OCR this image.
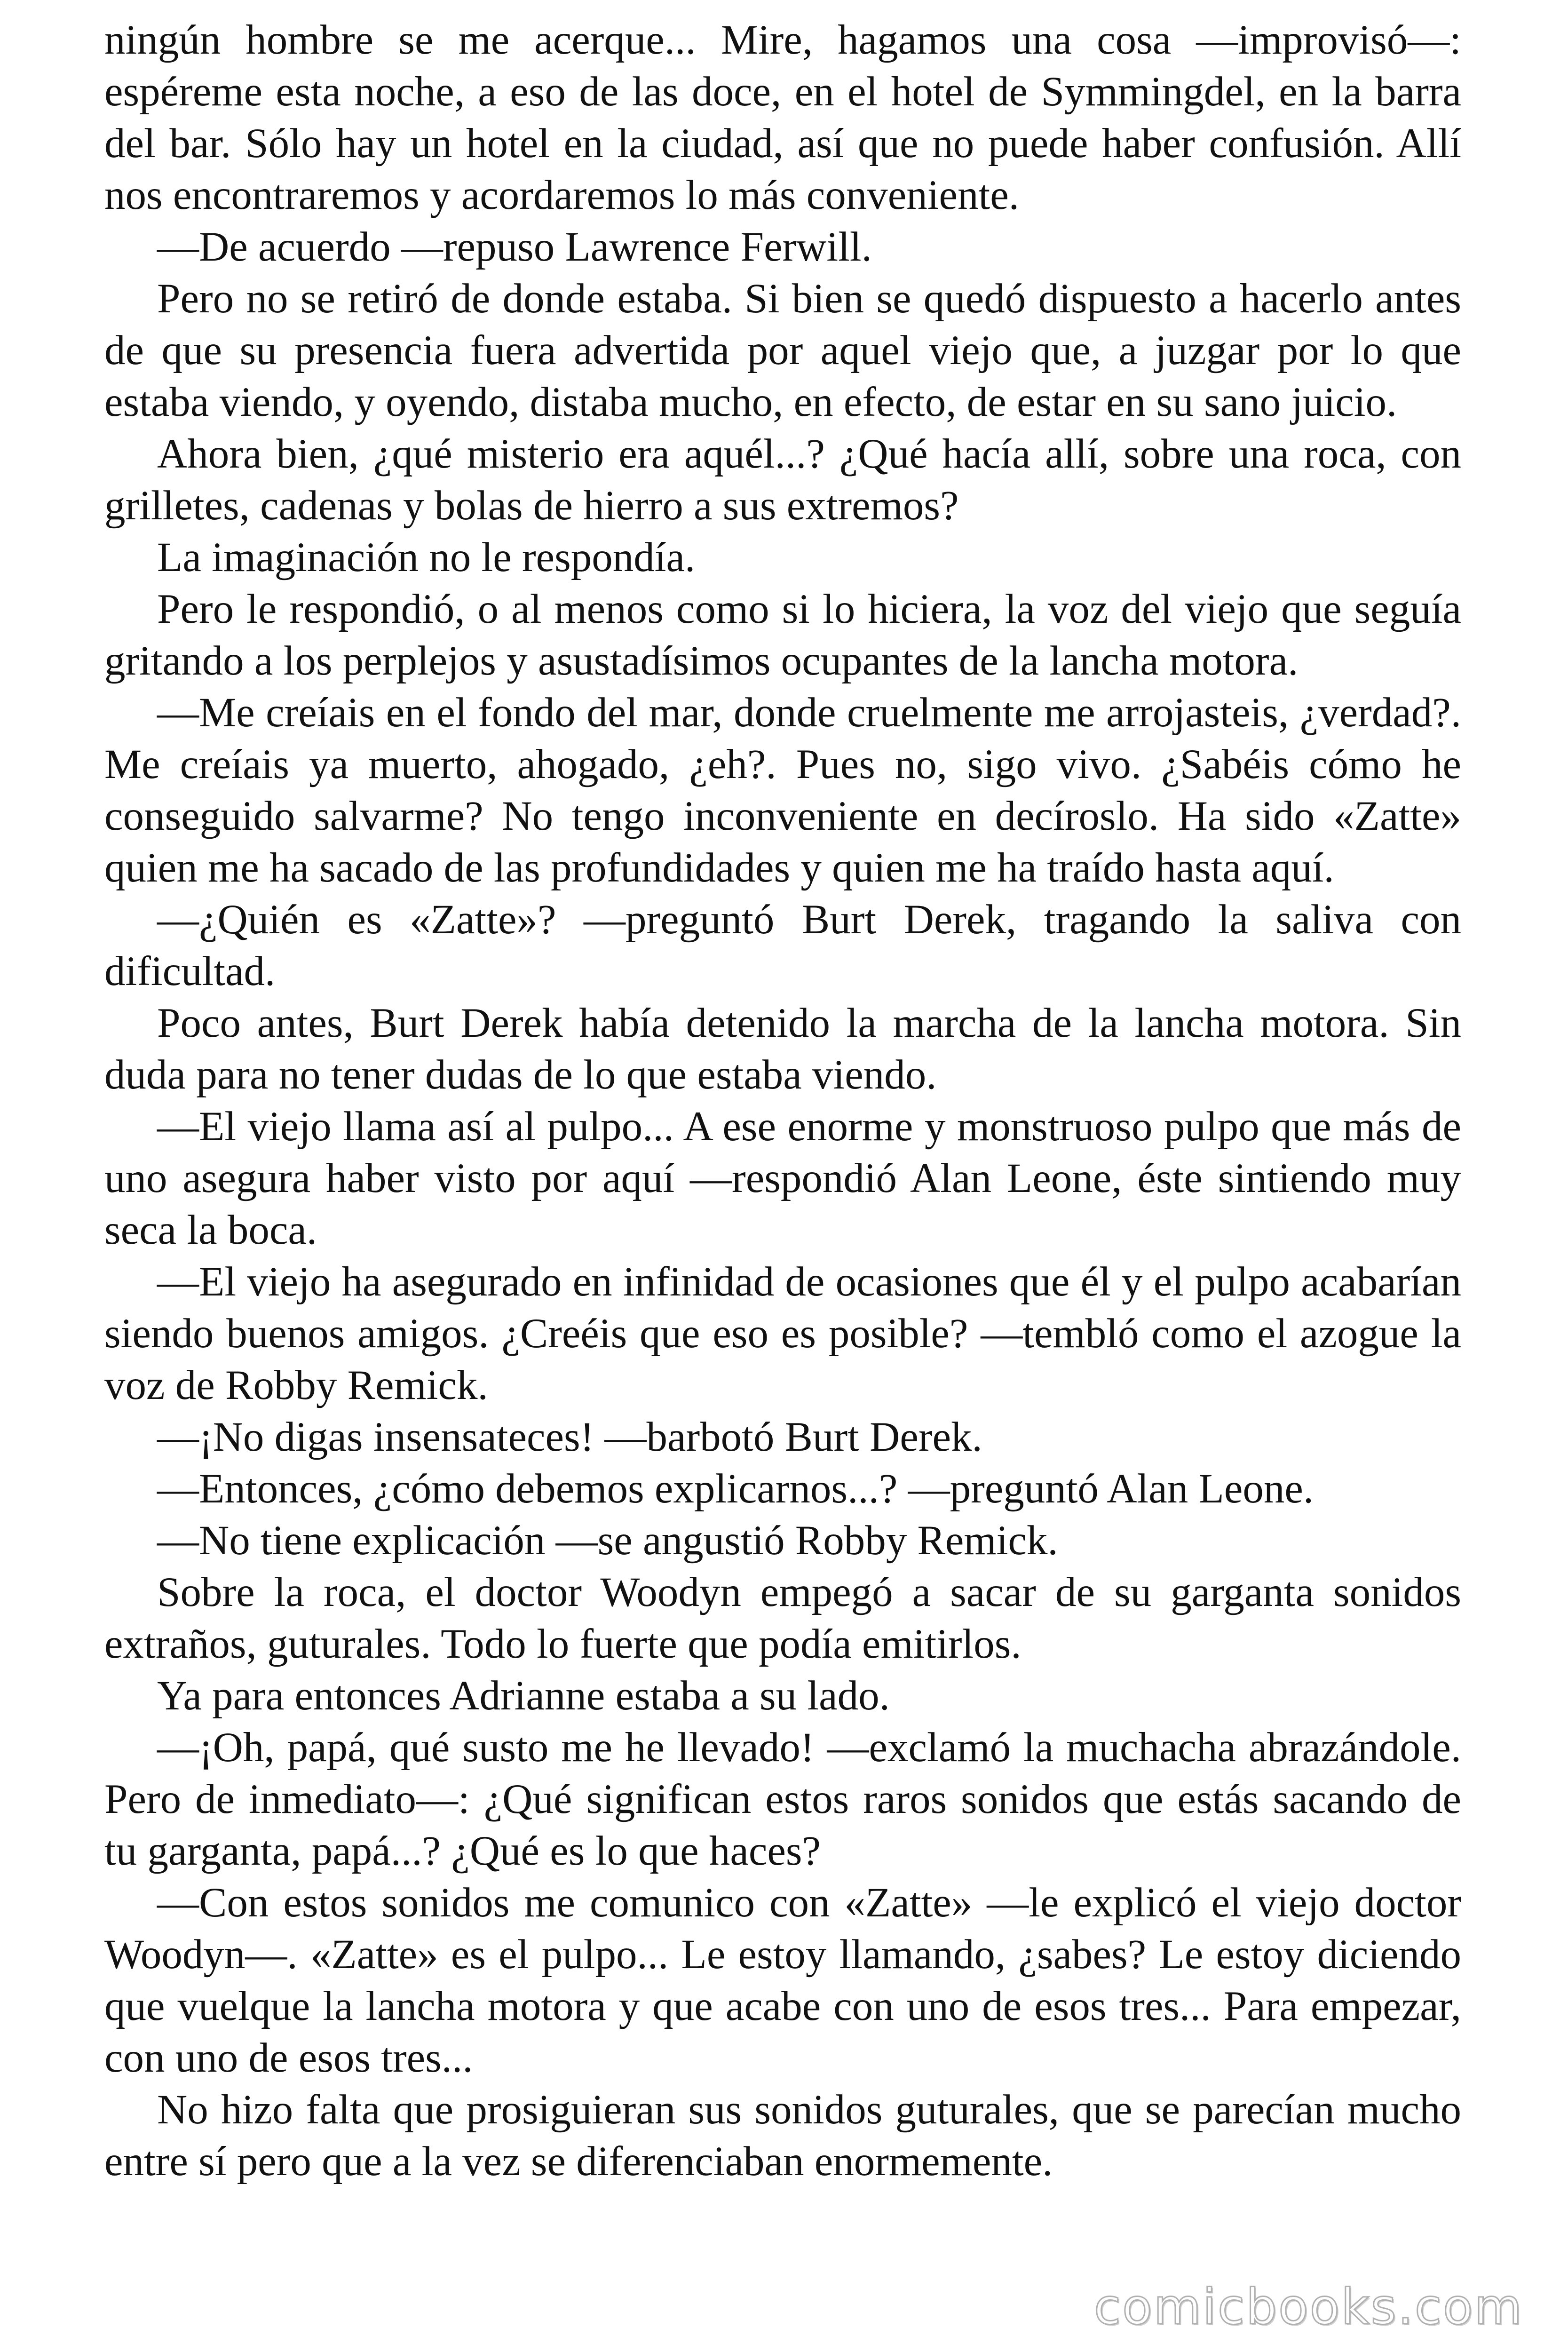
ningún hombre se me acerque... Mire, hagamos una cosa —improvisó—: espéreme esta noche, a eso de las doce, en el hotel de Symmingdel, en la barra del bar. Sólo hay un hotel en la ciudad, así que no puede haber confusión. Allí nos encontraremos y acordaremos lo más conveniente.

—De acuerdo —repuso Lawrence Ferwill.

Pero no se retiró de donde estaba. Si bien se quedó dispuesto a hacerlo antes de que su presencia fuera advertida por aquel viejo que, a juzgar por lo que estaba viendo, y oyendo, distaba mucho, en efecto, de estar en su sano juicio.

Ahora bien, ¿qué misterio era aquél...? ¿Qué hacía allí, sobre una roca, con grilletes, cadenas y bolas de hierro a sus extremos?

La imaginación no le respondía.

Pero le respondió, o al menos como si lo hiciera, la voz del viejo que seguía gritando a los perplejos y asustadísimos ocupantes de la lancha motora.

—Me creíais en el fondo del mar, donde cruelmente me arrojasteis, ¿verdad?. Me creíais ya muerto, ahogado, ¿eh?. Pues no, sigo vivo. ¿Sabéis cómo he conseguido salvarme? No tengo inconveniente en decíroslo. Ha sido «Zatte» quien me ha sacado de las profundidades y quien me ha traído hasta aquí.

—¿Quién es «Zatte»? —preguntó Burt Derek, tragando la saliva con dificultad.

Poco antes, Burt Derek había detenido la marcha de la lancha motora. Sin duda para no tener dudas de lo que estaba viendo.

—El viejo llama así al pulpo... A ese enorme y monstruoso pulpo que más de uno asegura haber visto por aquí —respondió Alan Leone, éste sintiendo muy seca la boca.

—El viejo ha asegurado en infinidad de ocasiones que él y el pulpo acabarían siendo buenos amigos. ¿Creéis que eso es posible? —tembló como el azogue la voz de Robby Remick.

—¡No digas insensateces! —barbotó Burt Derek.

—Entonces, ¿cómo debemos explicarnos...? —preguntó Alan Leone.

—No tiene explicación —se angustió Robby Remick.

Sobre la roca, el doctor Woodyn empegó a sacar de su garganta sonidos extraños, guturales. Todo lo fuerte que podía emitirlos.

Ya para entonces Adrianne estaba a su lado.

—¡Oh, papá, qué susto me he llevado! —exclamó la muchacha abrazándole. Pero de inmediato—: ¿Qué significan estos raros sonidos que estás sacando de tu garganta, papá...? ¿Qué es lo que haces?

—Con estos sonidos me comunico con «Zatte» —le explicó el viejo doctor Woodyn—. «Zatte» es el pulpo... Le estoy llamando, ¿sabes? Le estoy diciendo que vuelque la lancha motora y que acabe con uno de esos tres... Para empezar, con uno de esos tres...

No hizo falta que prosiguieran sus sonidos guturales, que se parecían mucho entre sí pero que a la vez se diferenciaban enormemente.

comicbooks.com
